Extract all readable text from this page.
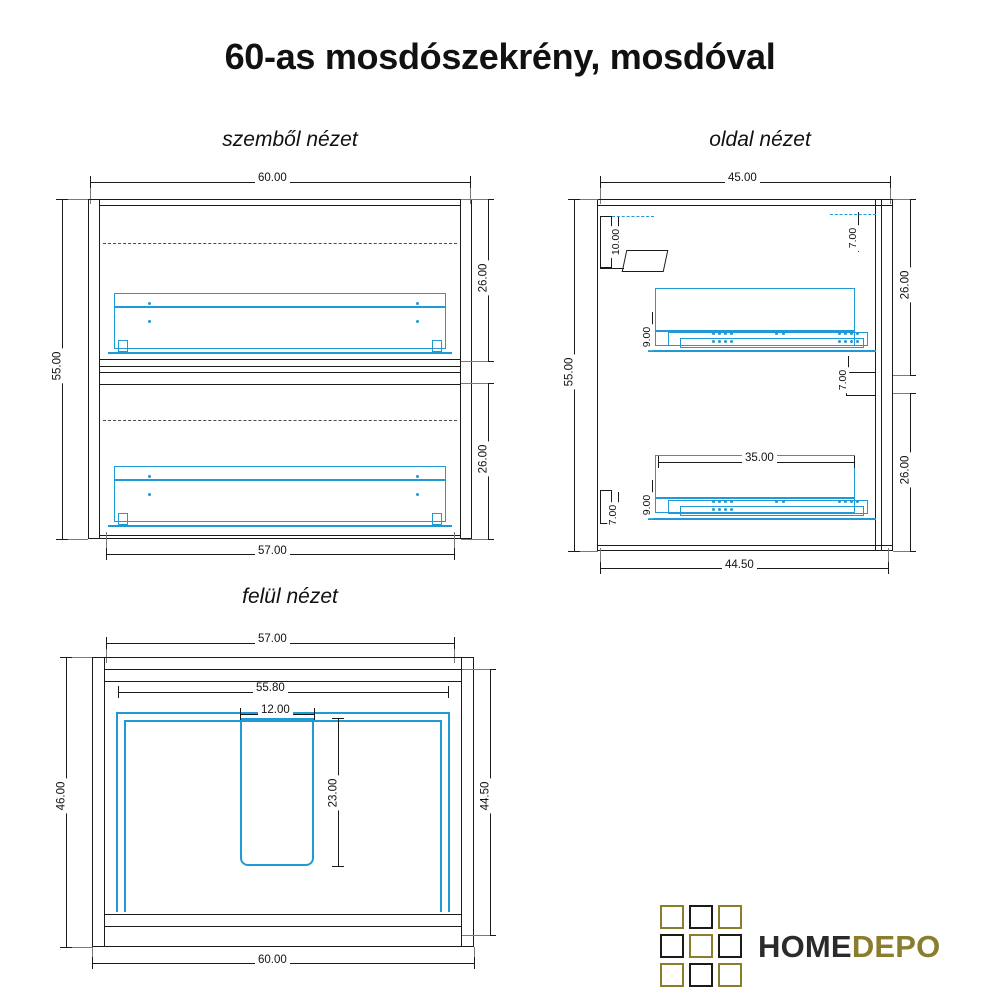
60-as mosdószekrény, mosdóval
szemből nézet
60.00
55.00
26.00
26.00
57.00
oldal nézet
45.00
35.00
10.00	7.00
9.00
7.00
9.00
7.00
55.00
26.00
26.00
44.50
felül nézet
57.00
55.80
12.00
23.00
46.00	44.50
60.00	HOMEDEPO
